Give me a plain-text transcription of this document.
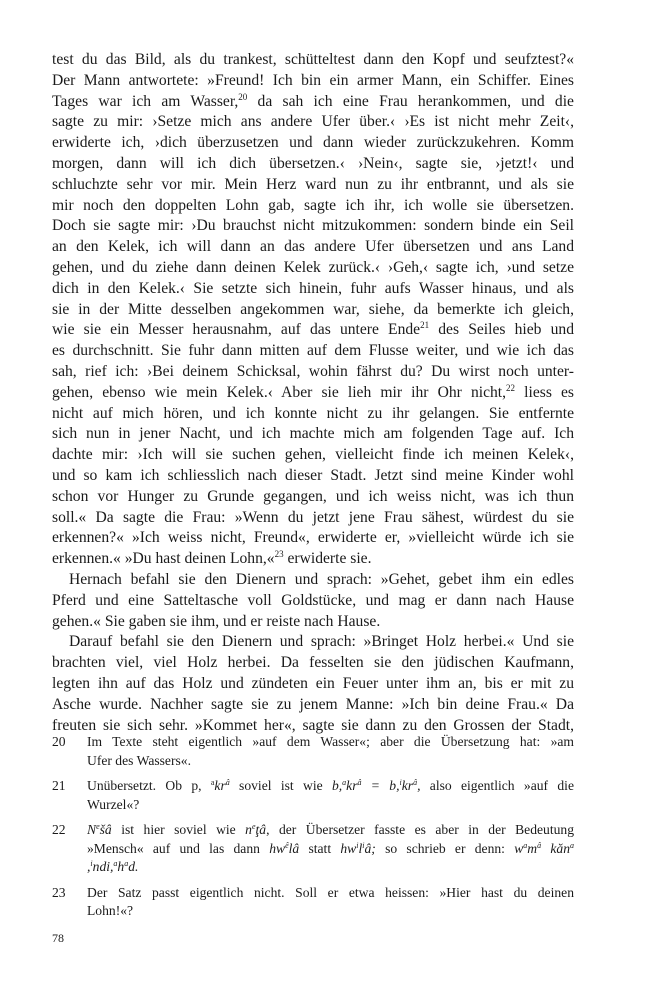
test du das Bild, als du trankest, schütteltest dann den Kopf und seufztest?«
Der Mann antwortete: »Freund! Ich bin ein armer Mann, ein Schiffer. Eines
Tages war ich am Wasser,$^{20}$ da sah ich eine Frau herankommen, und die
sagte zu mir: ›Setze mich ans andere Ufer über.‹ ›Es ist nicht mehr Zeit‹,
erwiderte ich, ›dich überzusetzen und dann wieder zurückzukehren. Komm
morgen, dann will ich dich übersetzen.‹ ›Nein‹, sagte sie, ›jetzt!‹ und
schluchzte sehr vor mir. Mein Herz ward nun zu ihr entbrannt, und als sie
mir noch den doppelten Lohn gab, sagte ich ihr, ich wolle sie übersetzen.
Doch sie sagte mir: ›Du brauchst nicht mitzukommen: sondern binde ein Seil
an den Kelek, ich will dann an das andere Ufer übersetzen und ans Land
gehen, und du ziehe dann deinen Kelek zurück.‹ ›Geh,‹ sagte ich, ›und setze
dich in den Kelek.‹ Sie setzte sich hinein, fuhr aufs Wasser hinaus, und als
sie in der Mitte desselben angekommen war, siehe, da bemerkte ich gleich,
wie sie ein Messer herausnahm, auf das untere Ende$^{21}$ des Seiles hieb und
es durchschnitt. Sie fuhr dann mitten auf dem Flusse weiter, und wie ich das
sah, rief ich: ›Bei deinem Schicksal, wohin fährst du? Du wirst noch unter-
gehen, ebenso wie mein Kelek.‹ Aber sie lieh mir ihr Ohr nicht,$^{22}$ liess es
nicht auf mich hören, und ich konnte nicht zu ihr gelangen. Sie entfernte
sich nun in jener Nacht, und ich machte mich am folgenden Tage auf. Ich
dachte mir: ›Ich will sie suchen gehen, vielleicht finde ich meinen Kelek‹,
und so kam ich schliesslich nach dieser Stadt. Jetzt sind meine Kinder wohl
schon vor Hunger zu Grunde gegangen, und ich weiss nicht, was ich thun
soll.« Da sagte die Frau: »Wenn du jetzt jene Frau sähest, würdest du sie
erkennen?« »Ich weiss nicht, Freund«, erwiderte er, »vielleicht würde ich sie
erkennen.« »Du hast deinen Lohn,«$^{23}$ erwiderte sie.
Hernach befahl sie den Dienern und sprach: »Gehet, gebet ihm ein edles
Pferd und eine Satteltasche voll Goldstücke, und mag er dann nach Hause
gehen.« Sie gaben sie ihm, und er reiste nach Hause.
Darauf befahl sie den Dienern und sprach: »Bringet Holz herbei.« Und sie
brachten viel, viel Holz herbei. Da fesselten sie den jüdischen Kaufmann,
legten ihn auf das Holz und zündeten ein Feuer unter ihm an, bis er mit zu
Asche wurde. Nachher sagte sie zu jenem Manne: »Ich bin deine Frau.« Da
freuten sie sich sehr. »Kommet her«, sagte sie dann zu den Grossen der Stadt,
20	Im Texte steht eigentlich »auf dem Wasser«; aber die Übersetzung hat: »am
Ufer des Wassers«.
21	Unübersetzt. Ob p, $^akr^â$ soviel ist wie $b,^akr^â = b,^ikr^â$, also eigentlich »auf die
Wurzel«?
22	$N^ešâ$ ist hier soviel wie $n^eţâ$, der Übersetzer fasste es aber in der Bedeutung
»Mensch« auf und las dann $hw^êlâ$ statt $hw^il^iâ$; so schrieb er denn: $w^am^â$ kăn$^a$
$,^indi,^ah^ad$.
23	Der Satz passt eigentlich nicht. Soll er etwa heissen: »Hier hast du deinen
Lohn!«?
78
